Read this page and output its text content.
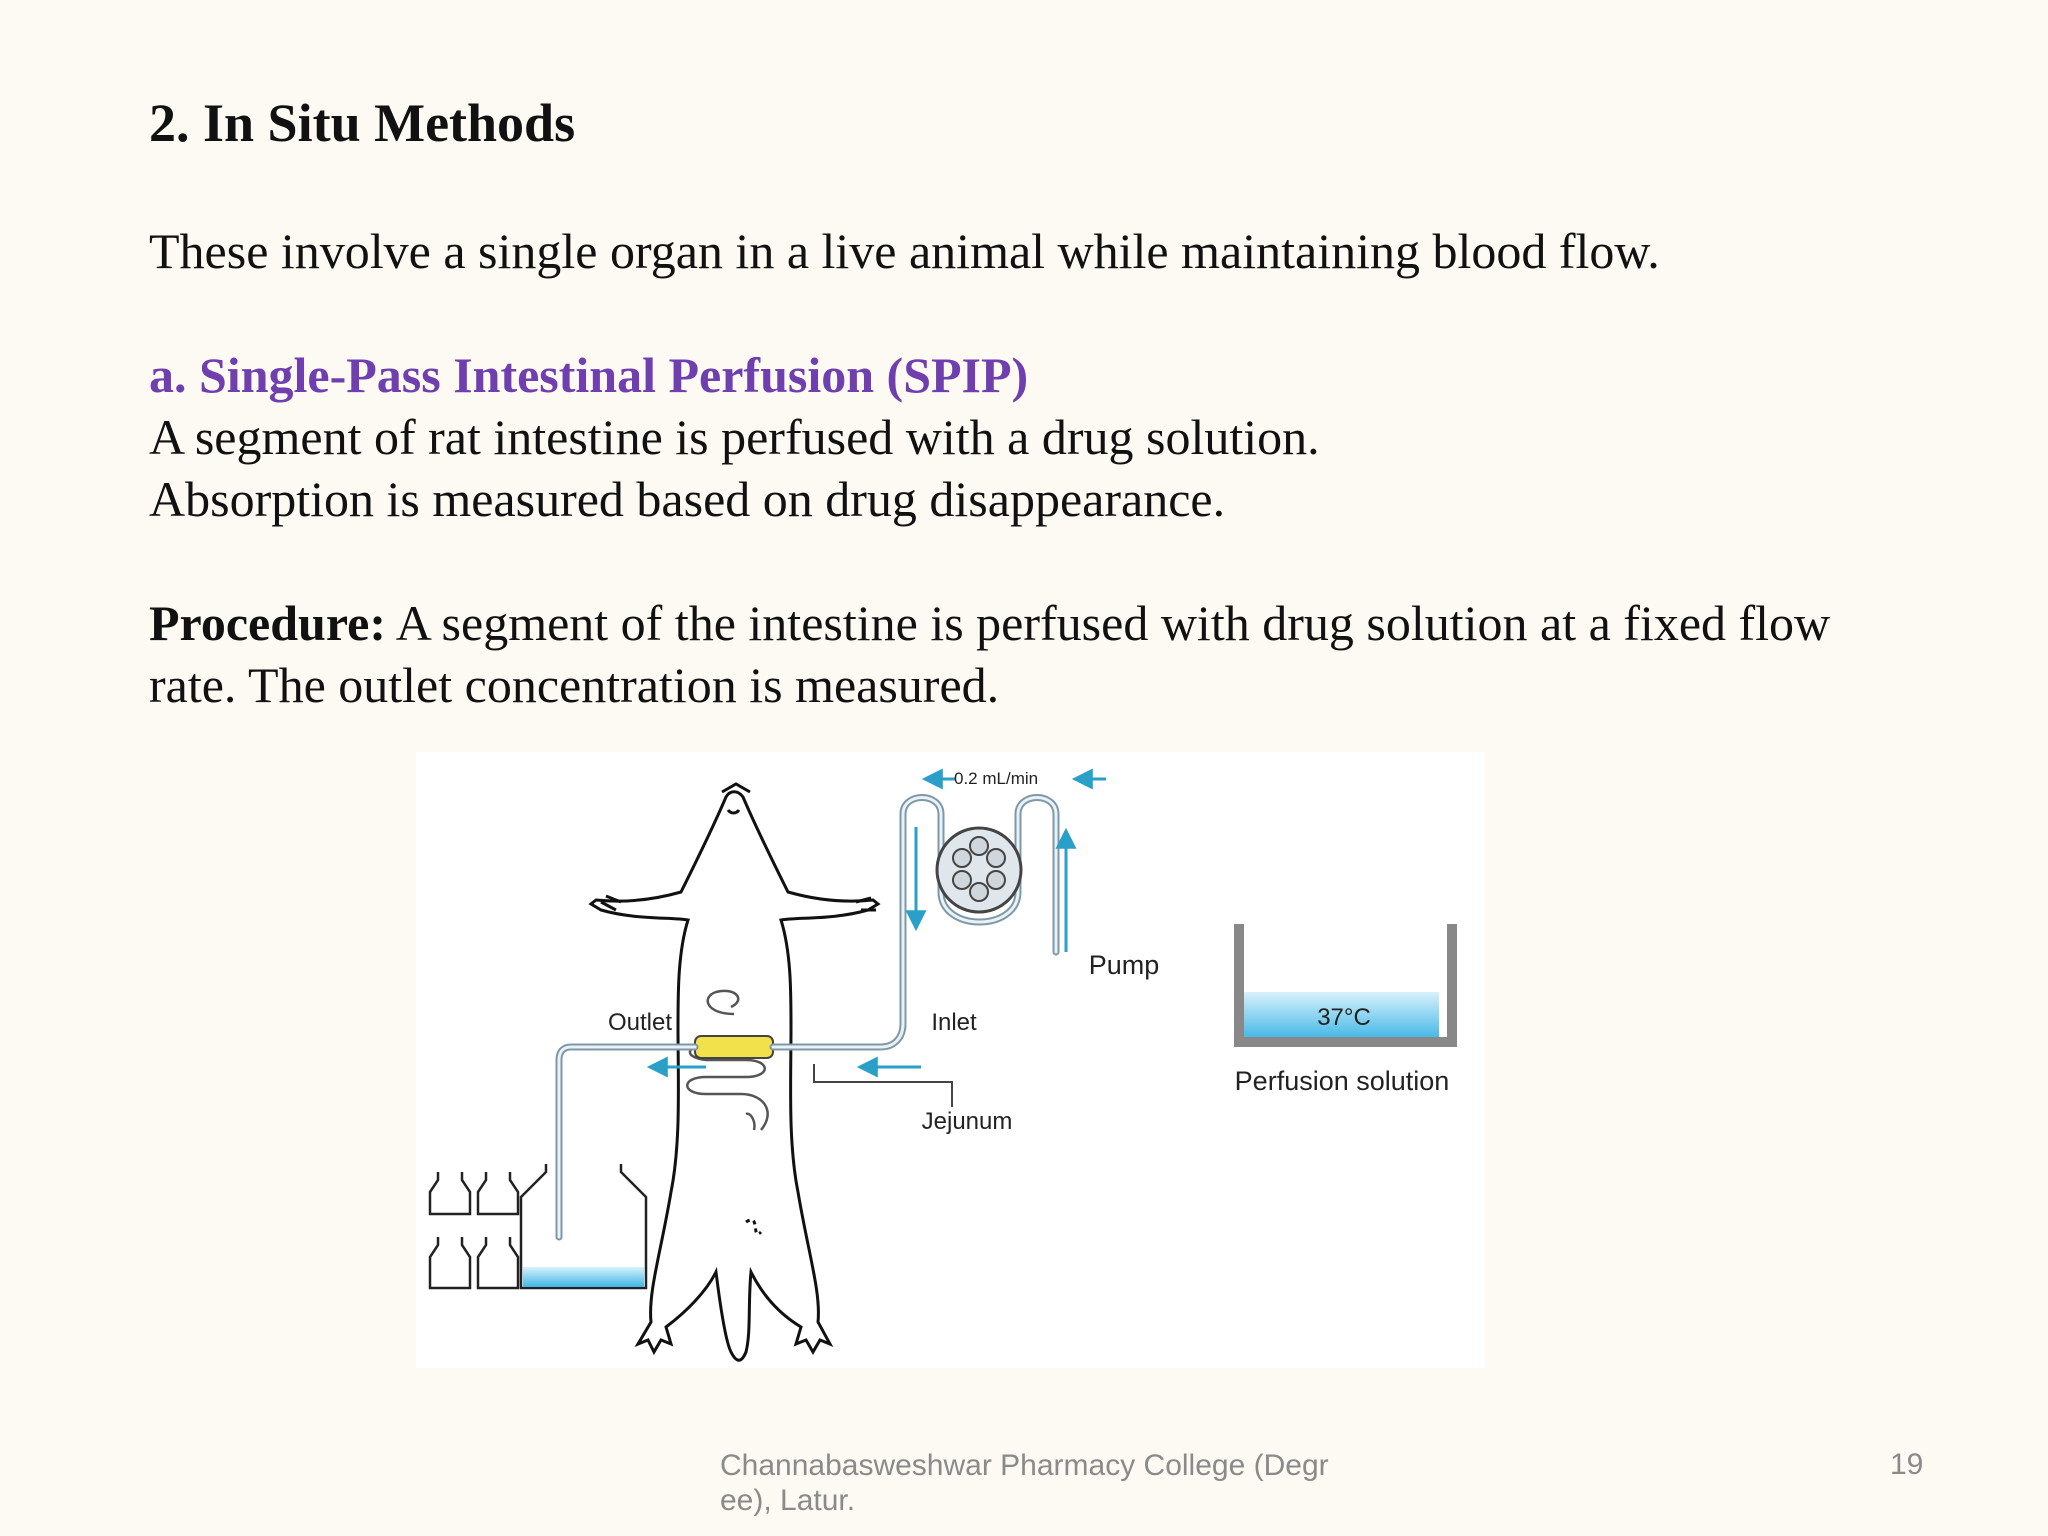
2. In Situ Methods

These involve a single organ in a live animal while maintaining blood flow.

a. Single-Pass Intestinal Perfusion (SPIP)

A segment of rat intestine is perfused with a drug solution.

Absorption is measured based on drug disappearance.

Procedure: A segment of the intestine is perfused with drug solution at a fixed flow rate. The outlet concentration is measured.

0.2 mL/min
Pump
37°C
Perfusion solution
Outlet	Inlet
Jejunum

Channabasweshwar Pharmacy College (Degree), Latur.

19
